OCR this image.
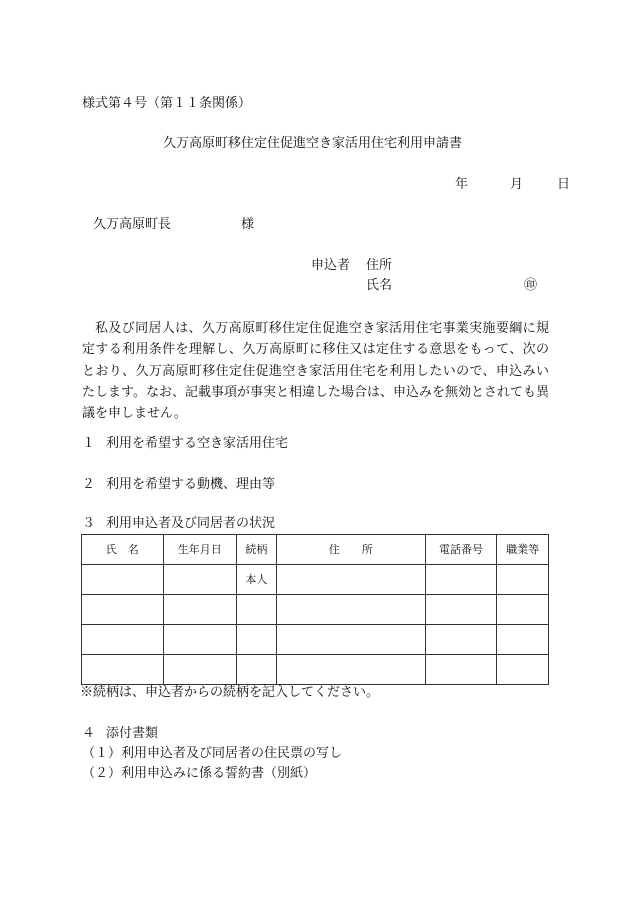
様式第４号（第１１条関係）
久万高原町移住定住促進空き家活用住宅利用申請書
年	月	日
久万高原町長	様
申込者 住所
氏名	㊞
私及び同居人は、久万高原町移住定住促進空き家活用住宅事業実施要綱に規定する利用条件を理解し、久万高原町に移住又は定住する意思をもって、次のとおり、久万高原町移住定住促進空き家活用住宅を利用したいので、申込みいたします。なお、記載事項が事実と相違した場合は、申込みを無効とされても異議を申しません。
１ 利用を希望する空き家活用住宅
２ 利用を希望する動機、理由等
３ 利用申込者及び同居者の状況
氏　名	生年月日	続柄	住　　所	電話番号	職業等
		本人			

※続柄は、申込者からの続柄を記入してください。
４ 添付書類
（１）利用申込者及び同居者の住民票の写し
（２）利用申込みに係る誓約書（別紙）
